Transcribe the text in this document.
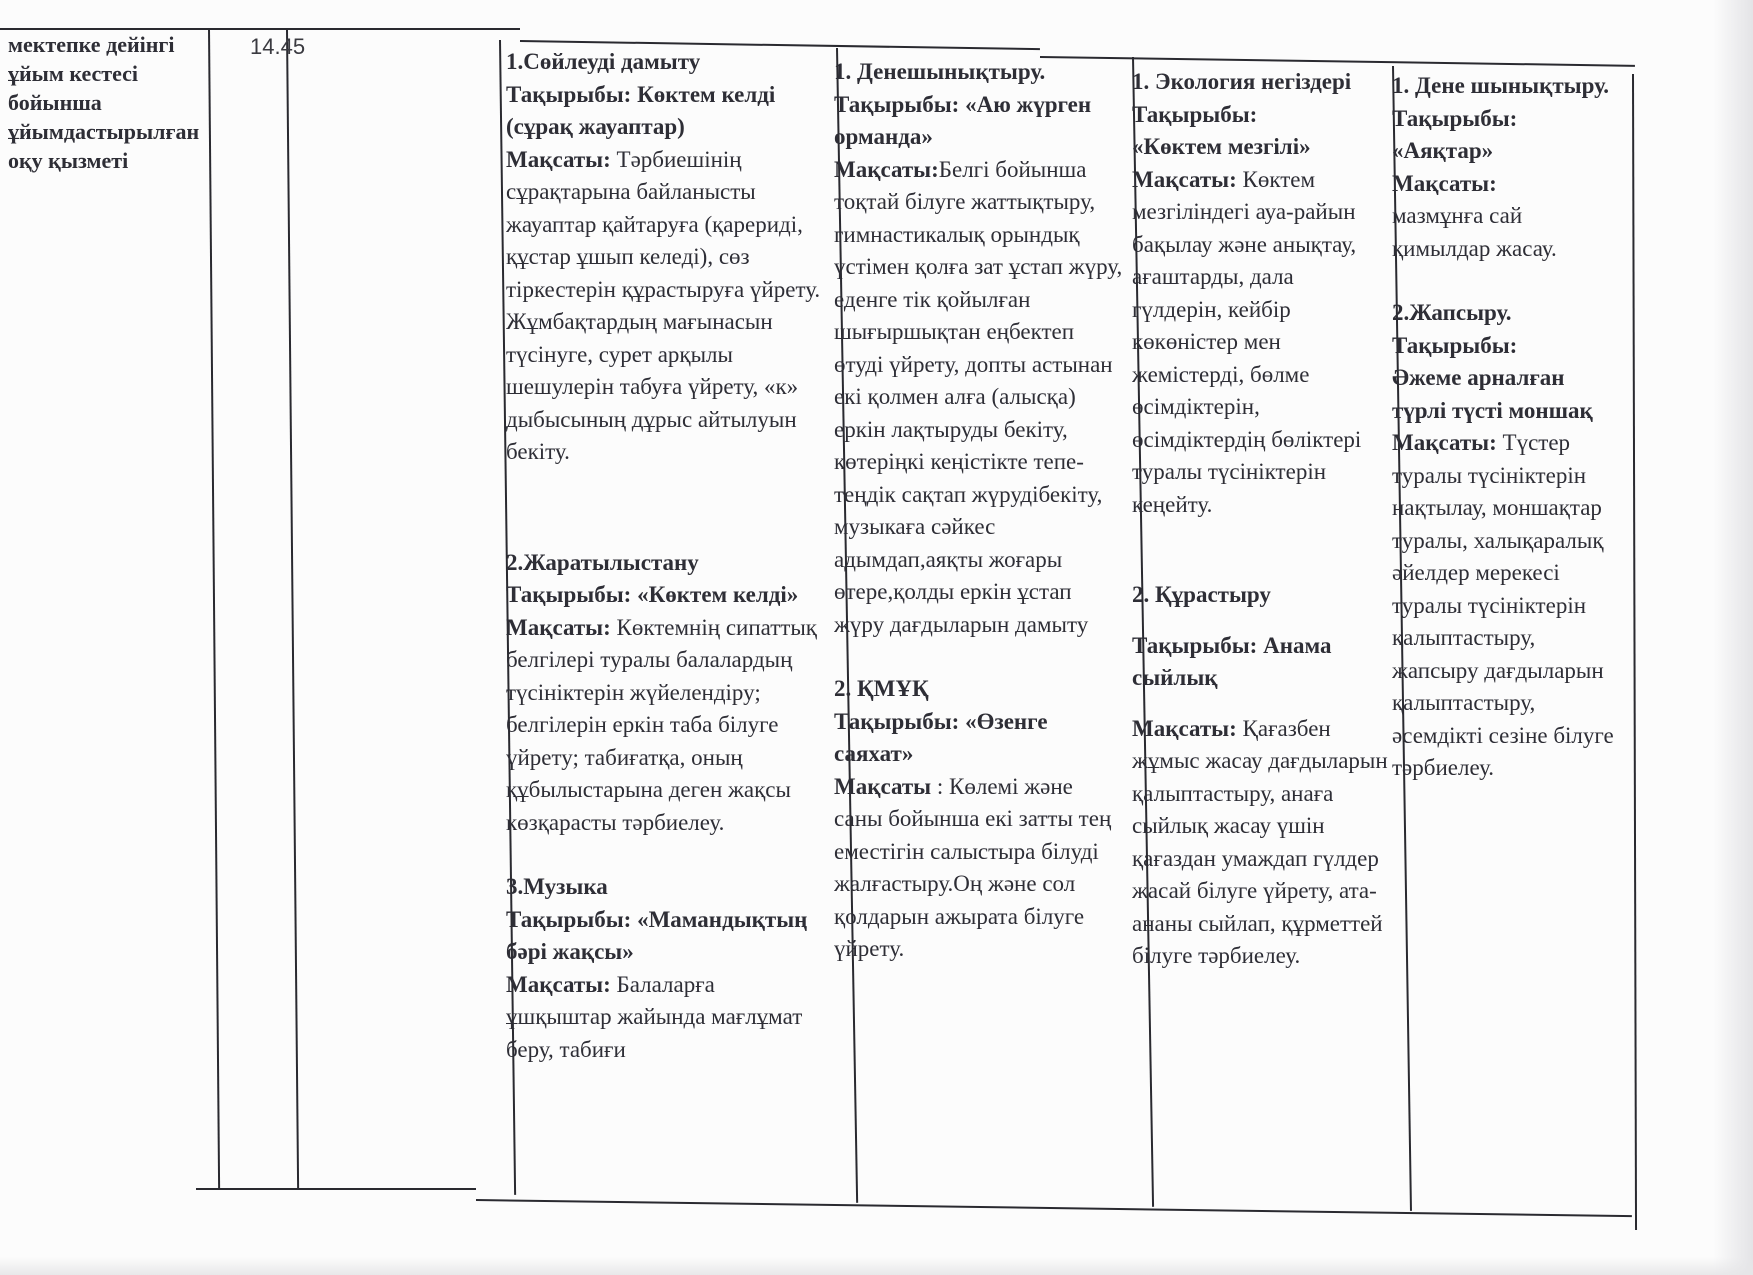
мектепке дейінгі ұйым кестесі бойынша ұйымдастырылған оқу қызметі
14.45

1.Сөйлеуді дамыту

Тақырыбы: Көктем келді (сұрақ жауаптар)

Мақсаты: Тәрбиешінің сұрақтарына байланысты жауаптар қайтаруға (қарериді, құстар ұшып келеді), сөз тіркестерін құрастыруға үйрету. Жұмбақтардың мағынасын түсінуге, сурет арқылы шешулерін табуға үйрету, «к» дыбысының дұрыс айтылуын бекіту.

2.Жаратылыстану

Тақырыбы: «Көктем келді»

Мақсаты: Көктемнің сипаттық белгілері туралы балалардың түсініктерін жүйелендіру; белгілерін еркін таба білуге үйрету; табиғатқа, оның құбылыстарына деген жақсы көзқарасты тәрбиелеу.

3.Музыка

Тақырыбы: «Мамандықтың бәрі жақсы»

Мақсаты: Балаларға ұшқыштар жайында мағлұмат беру, табиғи

1. Денешынықтыру.

Тақырыбы: «Аю жүрген орманда»

Мақсаты:Белгі бойынша тоқтай білуге жаттықтыру, гимнастикалық орындық үстімен қолға зат ұстап жүру, еденге тік қойылған шығыршықтан еңбектеп өтуді үйрету, допты астынан екі қолмен алға (алысқа) еркін лақтыруды бекіту, көтеріңкі кеңістікте тепе-теңдік сақтап жүрудібекіту, музыкаға сәйкес адымдап,аяқты жоғары өтере,қолды еркін ұстап жүру дағдыларын дамыту

2. ҚМҰҚ

Тақырыбы: «Өзенге саяхат»

Мақсаты : Көлемі және саны бойынша екі затты тең еместігін салыстыра білуді жалғастыру.Оң және сол қолдарын ажырата білуге үйрету.

1. Экология негіздері

Тақырыбы:

«Көктем мезгілі»

Мақсаты: Көктем мезгіліндегі ауа-райын бақылау және анықтау, ағаштарды, дала гүлдерін, кейбір көкөністер мен жемістерді, бөлме өсімдіктерін, өсімдіктердің бөліктері туралы түсініктерін кеңейту.

2. Құрастыру

Тақырыбы: Анама сыйлық

Мақсаты: Қағазбен жұмыс жасау дағдыларын қалыптастыру, анаға сыйлық жасау үшін қағаздан умаждап гүлдер жасай білуге үйрету, ата-ананы сыйлап, құрметтей білуге тәрбиелеу.

1. Дене шынықтыру.

Тақырыбы:

«Аяқтар»

Мақсаты:

мазмұнға сай қимылдар жасау.

2.Жапсыру.

Тақырыбы:

Әжеме арналған түрлі түсті моншақ

Мақсаты: Түстер туралы түсініктерін нақтылау, моншақтар туралы, халықаралық әйелдер мерекесі туралы түсініктерін қалыптастыру, жапсыру дағдыларын қалыптастыру, әсемдікті сезіне білуге тәрбиелеу.
